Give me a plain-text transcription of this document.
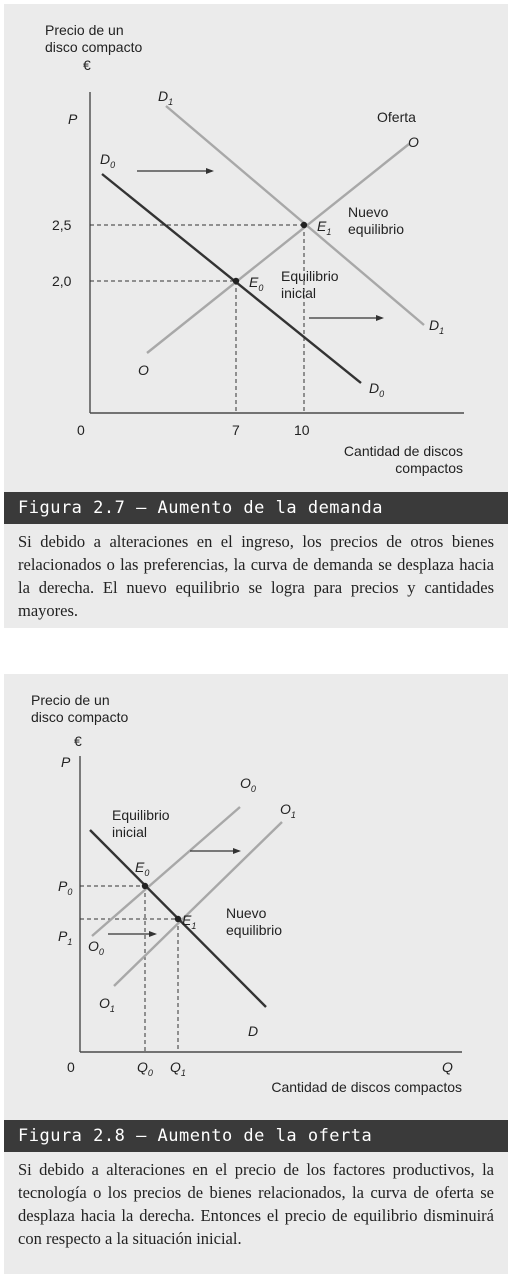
Precio de un
disco compacto
€
P
2,5
2,0
0	7	10
Cantidad de discos
compactos
$D_1$
$D_0$
Oferta
O
O
$D_1$
$D_0$
$E_1$
Nuevo
equilibrio
$E_0$
Equilibrio
inicial
Figura 2.7 – Aumento de la demanda
Si debido a alteraciones en el ingreso, los precios de otros bienes relacionados o las preferencias, la curva de demanda se desplaza hacia la derecha. El nuevo equilibrio se logra para precios y cantidades mayores.
Precio de un
disco compacto
€
P
0	Q
Cantidad de discos compactos
$P_0$
$P_1$
$Q_0$ $Q_1$
$O_0$
$O_1$
$O_0$
$O_1$
D
Equilibrio
inicial
$E_0$
$E_1$
Nuevo
equilibrio
Figura 2.8 – Aumento de la oferta
Si debido a alteraciones en el precio de los factores productivos, la tecnología o los precios de bienes relacionados, la curva de oferta se desplaza hacia la derecha. Entonces el precio de equilibrio disminuirá con respecto a la situación inicial.
